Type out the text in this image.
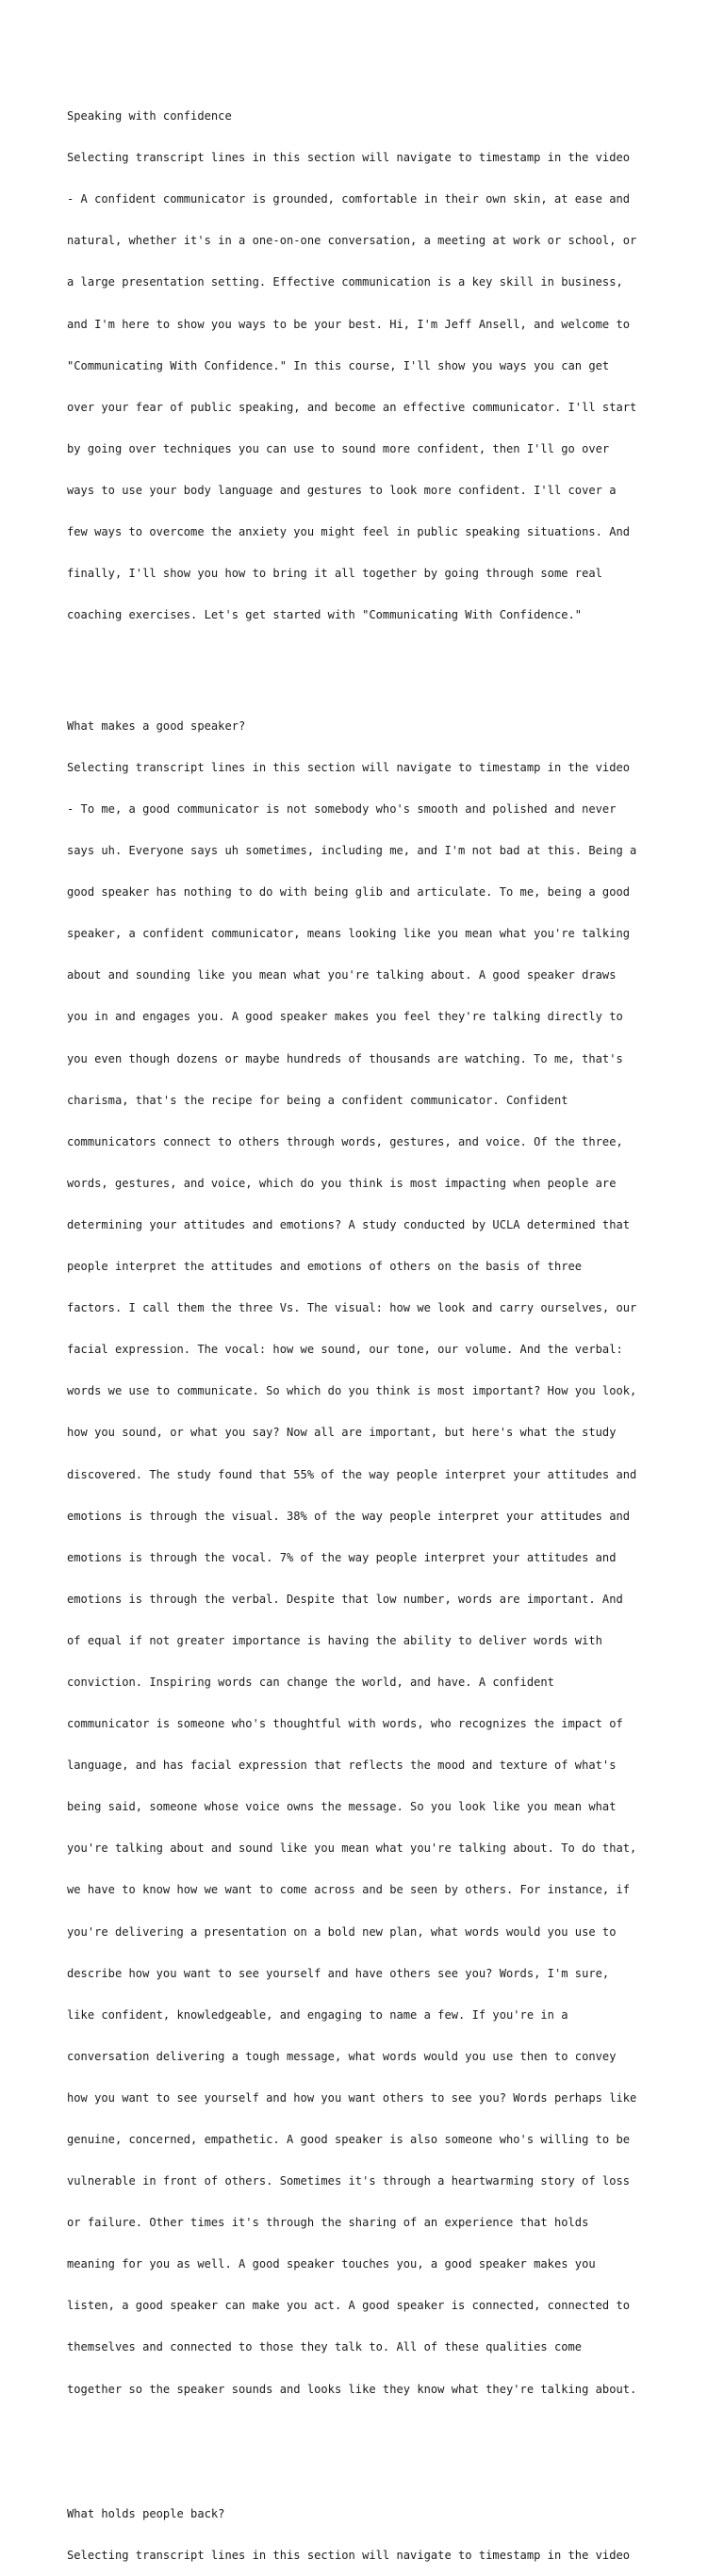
Speaking with confidence

Selecting transcript lines in this section will navigate to timestamp in the video

- A confident communicator is grounded, comfortable in their own skin, at ease and

natural, whether it's in a one-on-one conversation, a meeting at work or school, or

a large presentation setting. Effective communication is a key skill in business,

and I'm here to show you ways to be your best. Hi, I'm Jeff Ansell, and welcome to

"Communicating With Confidence." In this course, I'll show you ways you can get

over your fear of public speaking, and become an effective communicator. I'll start

by going over techniques you can use to sound more confident, then I'll go over

ways to use your body language and gestures to look more confident. I'll cover a

few ways to overcome the anxiety you might feel in public speaking situations. And

finally, I'll show you how to bring it all together by going through some real

coaching exercises. Let's get started with "Communicating With Confidence."

What makes a good speaker?

Selecting transcript lines in this section will navigate to timestamp in the video

- To me, a good communicator is not somebody who's smooth and polished and never

says uh. Everyone says uh sometimes, including me, and I'm not bad at this. Being a

good speaker has nothing to do with being glib and articulate. To me, being a good

speaker, a confident communicator, means looking like you mean what you're talking

about and sounding like you mean what you're talking about. A good speaker draws

you in and engages you. A good speaker makes you feel they're talking directly to

you even though dozens or maybe hundreds of thousands are watching. To me, that's

charisma, that's the recipe for being a confident communicator. Confident

communicators connect to others through words, gestures, and voice. Of the three,

words, gestures, and voice, which do you think is most impacting when people are

determining your attitudes and emotions? A study conducted by UCLA determined that

people interpret the attitudes and emotions of others on the basis of three

factors. I call them the three Vs. The visual: how we look and carry ourselves, our

facial expression. The vocal: how we sound, our tone, our volume. And the verbal:

words we use to communicate. So which do you think is most important? How you look,

how you sound, or what you say? Now all are important, but here's what the study

discovered. The study found that 55% of the way people interpret your attitudes and

emotions is through the visual. 38% of the way people interpret your attitudes and

emotions is through the vocal. 7% of the way people interpret your attitudes and

emotions is through the verbal. Despite that low number, words are important. And

of equal if not greater importance is having the ability to deliver words with

conviction. Inspiring words can change the world, and have. A confident

communicator is someone who's thoughtful with words, who recognizes the impact of

language, and has facial expression that reflects the mood and texture of what's

being said, someone whose voice owns the message. So you look like you mean what

you're talking about and sound like you mean what you're talking about. To do that,

we have to know how we want to come across and be seen by others. For instance, if

you're delivering a presentation on a bold new plan, what words would you use to

describe how you want to see yourself and have others see you? Words, I'm sure,

like confident, knowledgeable, and engaging to name a few. If you're in a

conversation delivering a tough message, what words would you use then to convey

how you want to see yourself and how you want others to see you? Words perhaps like

genuine, concerned, empathetic. A good speaker is also someone who's willing to be

vulnerable in front of others. Sometimes it's through a heartwarming story of loss

or failure. Other times it's through the sharing of an experience that holds

meaning for you as well. A good speaker touches you, a good speaker makes you

listen, a good speaker can make you act. A good speaker is connected, connected to

themselves and connected to those they talk to. All of these qualities come

together so the speaker sounds and looks like they know what they're talking about.

What holds people back?

Selecting transcript lines in this section will navigate to timestamp in the video
